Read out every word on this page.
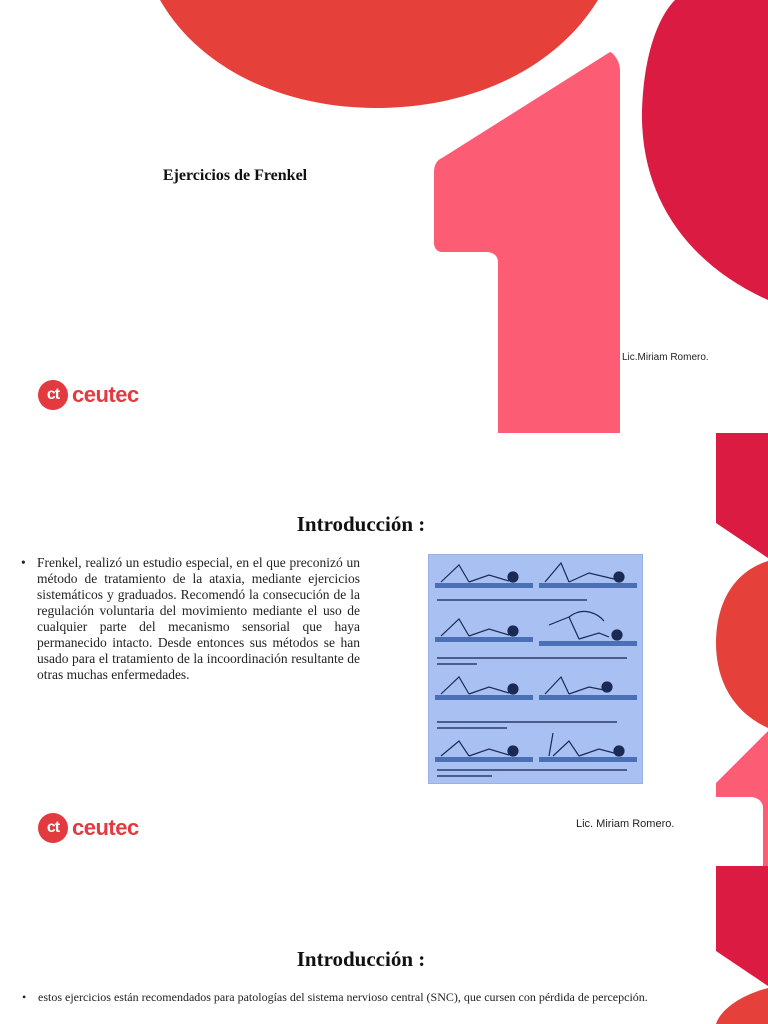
Ejercicios de Frenkel
Lic.Miriam Romero.
ct ceutec
Introducción :
• Frenkel, realizó un estudio especial, en el que preconizó un método de tratamiento de la ataxia, mediante ejercicios sistemáticos y graduados. Recomendó la consecución de la regulación voluntaria del movimiento mediante el uso de cualquier parte del mecanismo sensorial que haya permanecido intacto. Desde entonces sus métodos se han usado para el tratamiento de la incoordinación resultante de otras muchas enfermedades.
Lic. Miriam Romero.
ct ceutec
Introducción :
• estos ejercicios están recomendados para patologías del sistema nervioso central (SNC), que cursen con pérdida de percepción.
